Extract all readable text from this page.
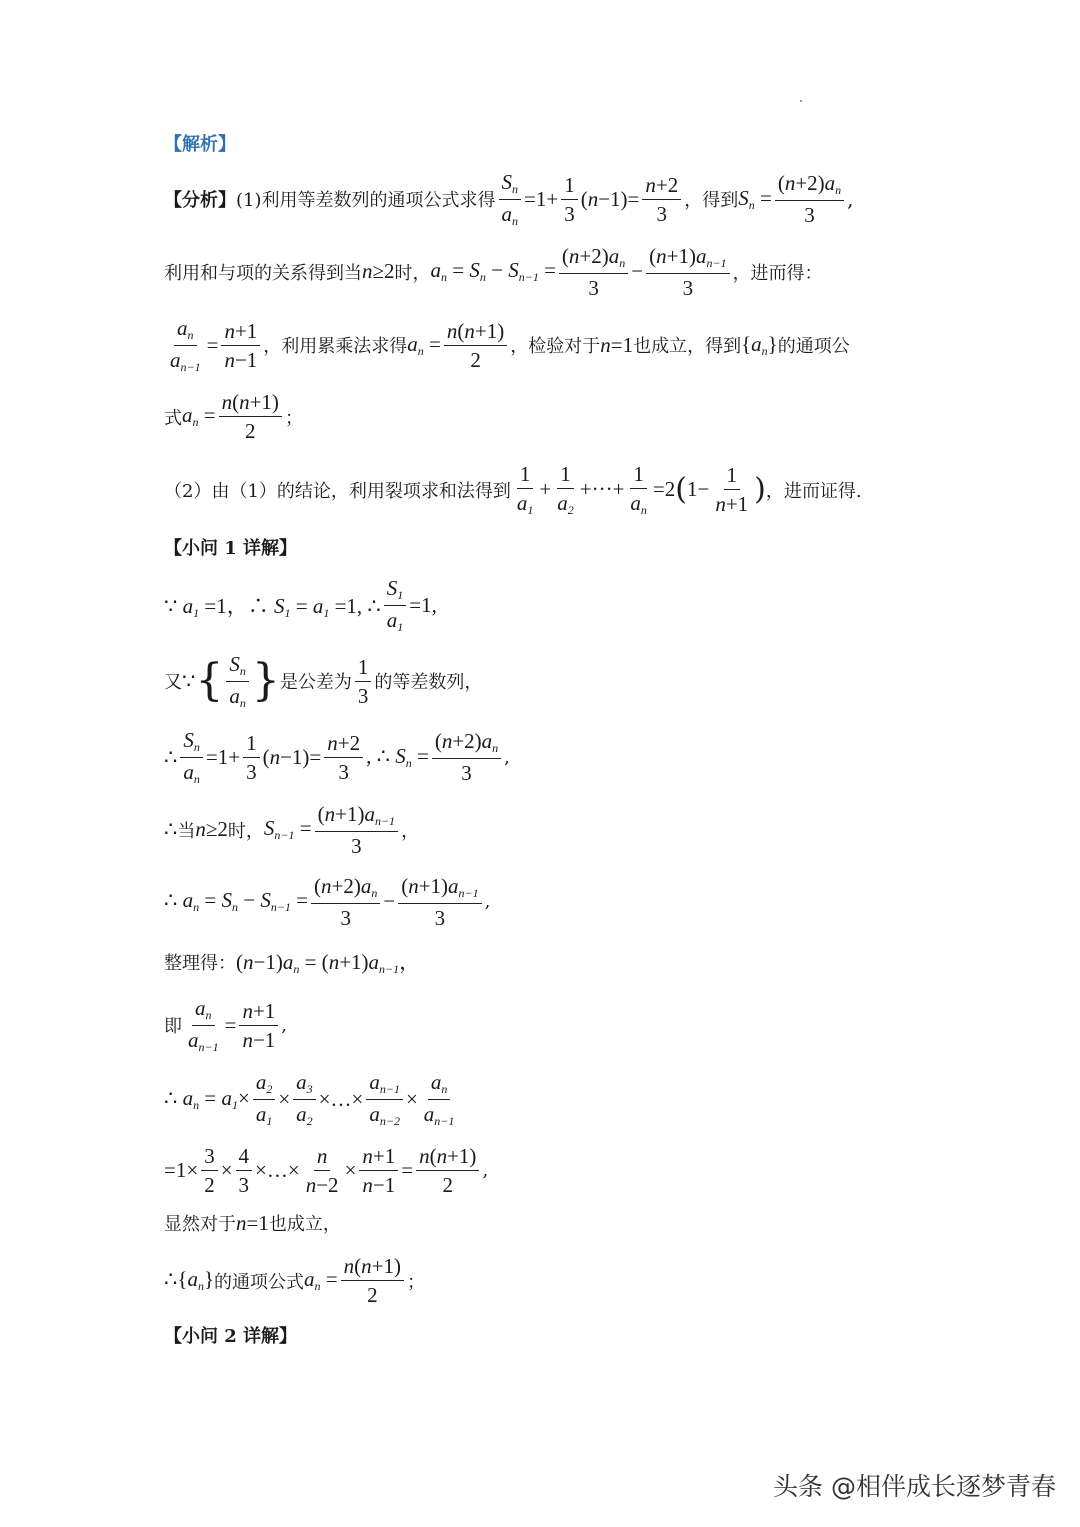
【解析】
【分析】 (1)利用等差数列的通项公式求得 $\frac{S_n}{a_n} =1+ \frac{1}{3} (n-1)= \frac{n+2}{3}$ ，得到 $S_n = \frac{(n+2)a_n}{3}$ ,
利用和与项的关系得到当 n≥2 时， $a_n = S_n - S_{n-1} = \frac{(n+2)a_n}{3} - \frac{(n+1)a_{n-1}}{3}$ ，进而得：
$\frac{a_n}{a_{n-1}} = \frac{n+1}{n-1}$ ，利用累乘法求得 $a_n = \frac{n(n+1)}{2}$ ，检验对于 n=1 也成立，得到 $\{a_n\}$ 的通项公
式 $a_n = \frac{n(n+1)}{2}$ ；
（2）由（1）的结论，利用裂项求和法得到 $\frac{1}{a_1} + \frac{1}{a_2}$ +···+ $\frac{1}{a_n} =2$ ( $1- \frac{1}{n+1}$ ) ，进而证得.
【小问 1 详解】
∵ $a_1 =1$，∴ $S_1 = a_1 =1$, ∴ $\frac{S_1}{a_1} =1$,
又 ∵ { $\frac{S_n}{a_n}$ } 是公差为 $\frac{1}{3}$ 的等差数列，
∴ $\frac{S_n}{a_n} =1+ \frac{1}{3} (n-1)= \frac{n+2}{3}$ , ∴ $S_n = \frac{(n+2)a_n}{3}$ ,
∴ 当 n≥2 时， $S_{n-1} = \frac{(n+1)a_{n-1}}{3}$ ，
∴ $a_n = S_n - S_{n-1} = \frac{(n+2)a_n}{3} - \frac{(n+1)a_{n-1}}{3}$ ,
整理得： $(n-1)a_n = (n+1)a_{n-1}$，
即 $\frac{a_n}{a_{n-1}} = \frac{n+1}{n-1}$ ,
∴ $a_n = a_1\times \frac{a_2}{a_1} \times \frac{a_3}{a_2}$ ×…× $\frac{a_{n-1}}{a_{n-2}} \times \frac{a_n}{a_{n-1}}$
$=1\times \frac{3}{2} \times \frac{4}{3}$ ×…× $\frac{n}{n-2} \times \frac{n+1}{n-1} = \frac{n(n+1)}{2}$ ,
显然对于 n=1 也成立，
$\therefore\{a_n\}$ 的通项公式 $a_n = \frac{n(n+1)}{2}$ ；
【小问 2 详解】
头条 @相伴成长逐梦青春
